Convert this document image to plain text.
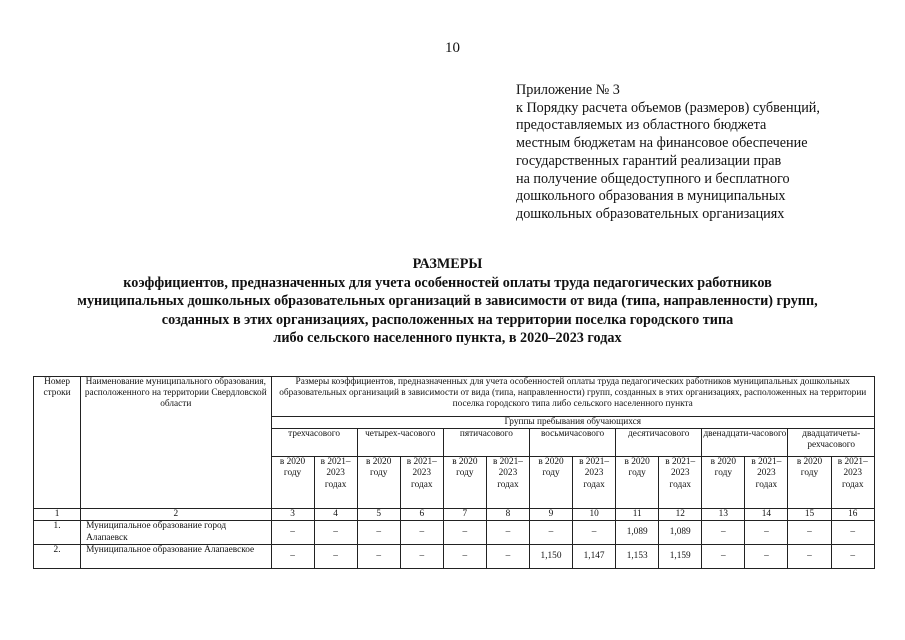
10
Приложение № 3
к Порядку расчета объемов (размеров) субвенций,
предоставляемых из областного бюджета
местным бюджетам на финансовое обеспечение
государственных гарантий реализации прав
на получение общедоступного и бесплатного
дошкольного образования в муниципальных
дошкольных образовательных организациях
РАЗМЕРЫ
коэффициентов, предназначенных для учета особенностей оплаты труда педагогических работников
муниципальных дошкольных образовательных организаций в зависимости от вида (типа, направленности) групп,
созданных в этих организациях, расположенных на территории поселка городского типа
либо сельского населенного пункта, в 2020–2023 годах
Номер строки	Наименование муниципального образования, расположенного на территории Свердловской области	Размеры коэффициентов, предназначенных для учета особенностей оплаты труда педагогических работников муниципальных дошкольных образовательных организаций в зависимости от вида (типа, направленности) групп, созданных в этих организациях, расположенных на территории поселка городского типа либо сельского населенного пункта													
		Группы пребывания обучающихся													
		трехчасового		четырех-часового		пятичасового		восьмичасового		десятичасового		двенадцати-часового		двадцатичеты-рехчасового	
		в 2020 году	в 2021–2023 годах	в 2020 году	в 2021–2023 годах	в 2020 году	в 2021–2023 годах	в 2020 году	в 2021–2023 годах	в 2020 году	в 2021–2023 годах	в 2020 году	в 2021–2023 годах	в 2020 году	в 2021–2023 годах
1	2	3	4	5	6	7	8	9	10	11	12	13	14	15	16
1.	Муниципальное образование город Алапаевск	–	–	–	–	–	–	–	–	1,089	1,089	–	–	–	–
2.	Муниципальное образование Алапаевское	–	–	–	–	–	–	1,150	1,147	1,153	1,159	–	–	–	–
